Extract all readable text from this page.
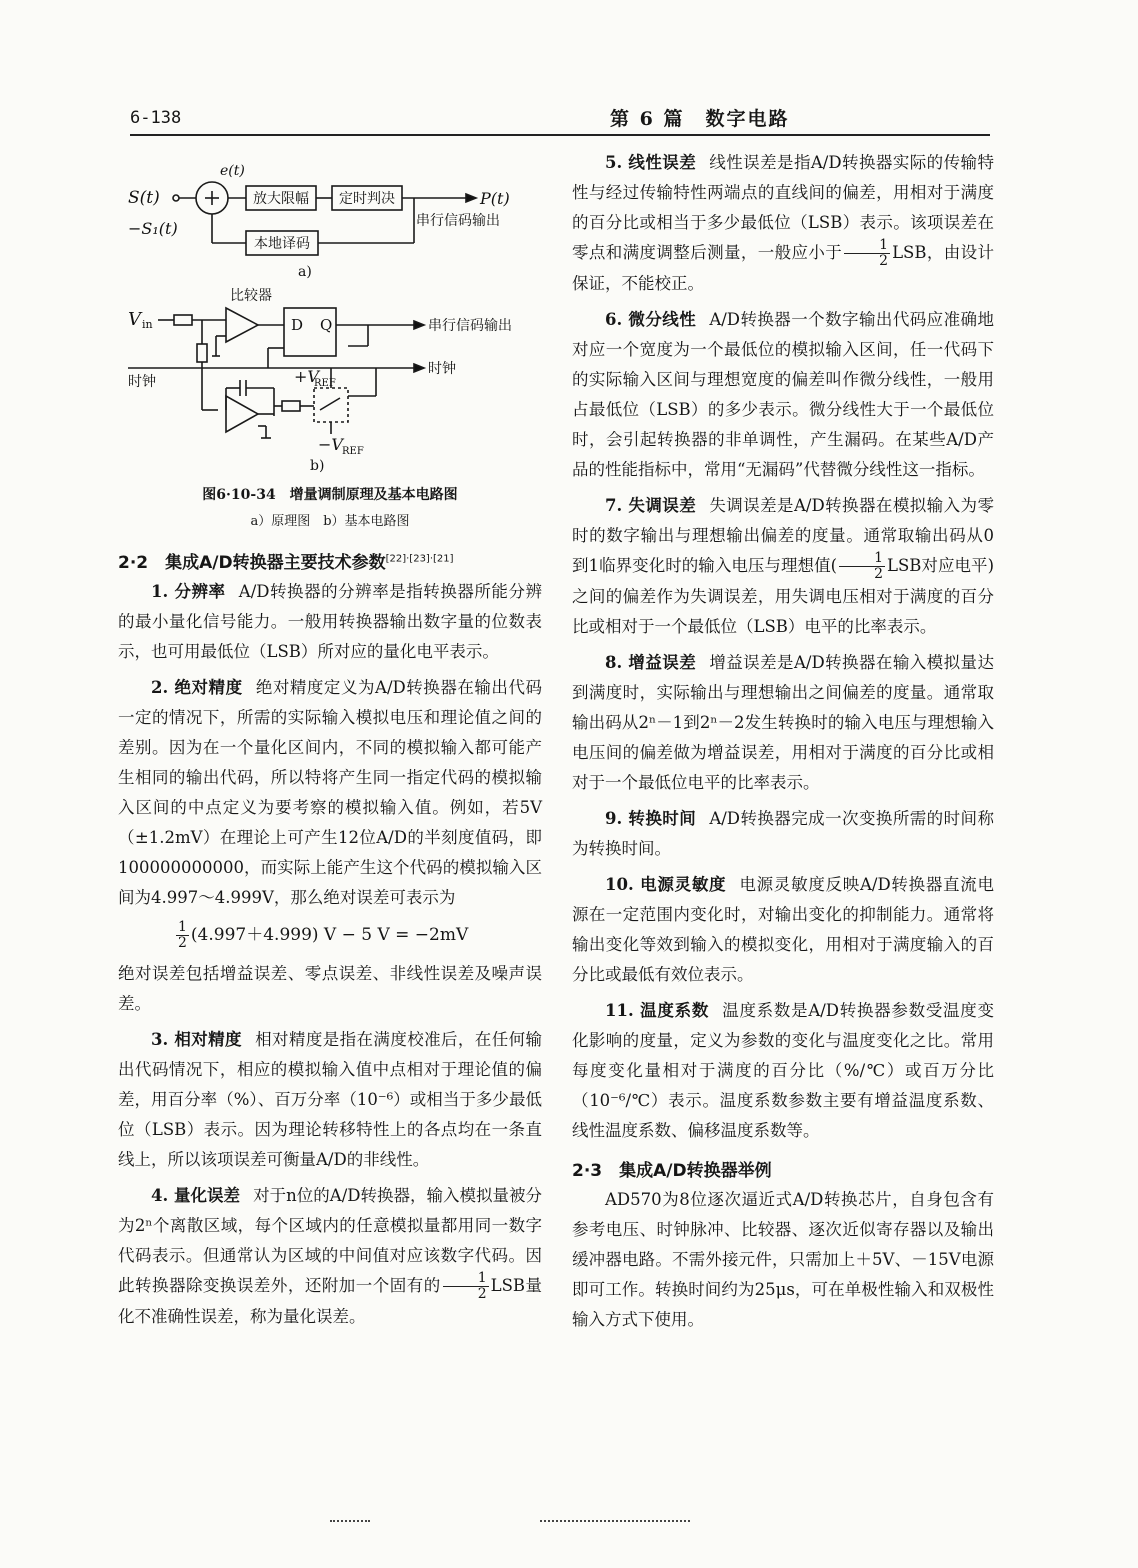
6-138	第 6 篇　数字电路
S(t)
e(t)
放大限幅 定时判决	P(t)
串行信码输出
本地译码
−S₁(t)
a)
V in
比较器
D Q	串行信码输出
时钟
时钟	+V
REF
−V REF
b)
图6·10-34　增量调制原理及基本电路图
a）原理图　b）基本电路图
2·2　集成A/D转换器主要技术参数[22]·[23]·[21]

1. 分辨率 A/D转换器的分辨率是指转换器所能分辨的最小量化信号能力。一般用转换器输出数字量的位数表示，也可用最低位（LSB）所对应的量化电平表示。

2. 绝对精度 绝对精度定义为A/D转换器在输出代码一定的情况下，所需的实际输入模拟电压和理论值之间的差别。因为在一个量化区间内，不同的模拟输入都可能产生相同的输出代码，所以特将产生同一指定代码的模拟输入区间的中点定义为要考察的模拟输入值。例如，若5V（±1.2mV）在理论上可产生12位A/D的半刻度值码，即100000000000，而实际上能产生这个代码的模拟输入区间为4.997～4.999V，那么绝对误差可表示为

$\frac{1}{2} (4.997+4.999) V - 5$ V = −2mV

绝对误差包括增益误差、零点误差、非线性误差及噪声误差。

3. 相对精度 相对精度是指在满度校准后，在任何输出代码情况下，相应的模拟输入值中点相对于理论值的偏差，用百分率（%）、百万分率（10⁻⁶）或相当于多少最低位（LSB）表示。因为理论转移特性上的各点均在一条直线上，所以该项误差可衡量A/D的非线性。

4. 量化误差 对于n位的A/D转换器，输入模拟量被分为2ⁿ个离散区域，每个区域内的任意模拟量都用同一数字代码表示。但通常认为区域的中间值对应该数字代码。因此转换器除变换误差外，还附加一个固有的 $\frac{1}{2}$ LSB量化不准确性误差，称为量化误差。

5. 线性误差 线性误差是指A/D转换器实际的传输特性与经过传输特性两端点的直线间的偏差，用相对于满度的百分比或相当于多少最低位（LSB）表示。该项误差在零点和满度调整后测量，一般应小于 $\frac{1}{2}$ LSB，由设计保证，不能校正。

6. 微分线性 A/D转换器一个数字输出代码应准确地对应一个宽度为一个最低位的模拟输入区间，任一代码下的实际输入区间与理想宽度的偏差叫作微分线性，一般用占最低位（LSB）的多少表示。微分线性大于一个最低位时，会引起转换器的非单调性，产生漏码。在某些A/D产品的性能指标中，常用“无漏码”代替微分线性这一指标。

7. 失调误差 失调误差是A/D转换器在模拟输入为零时的数字输出与理想输出偏差的度量。通常取输出码从0到1临界变化时的输入电压与理想值( $\frac{1}{2}$ LSB对应电平) 之间的偏差作为失调误差，用失调电压相对于满度的百分比或相对于一个最低位（LSB）电平的比率表示。

8. 增益误差 增益误差是A/D转换器在输入模拟量达到满度时，实际输出与理想输出之间偏差的度量。通常取输出码从2ⁿ－1到2ⁿ－2发生转换时的输入电压与理想输入电压间的偏差做为增益误差，用相对于满度的百分比或相对于一个最低位电平的比率表示。

9. 转换时间 A/D转换器完成一次变换所需的时间称为转换时间。

10. 电源灵敏度 电源灵敏度反映A/D转换器直流电源在一定范围内变化时，对输出变化的抑制能力。通常将输出变化等效到输入的模拟变化，用相对于满度输入的百分比或最低有效位表示。

11. 温度系数 温度系数是A/D转换器参数受温度变化影响的度量，定义为参数的变化与温度变化之比。常用每度变化量相对于满度的百分比（%/℃）或百万分比（10⁻⁶/℃）表示。温度系数参数主要有增益温度系数、线性温度系数、偏移温度系数等。

2·3　集成A/D转换器举例

AD570为8位逐次逼近式A/D转换芯片，自身包含有参考电压、时钟脉冲、比较器、逐次近似寄存器以及输出缓冲器电路。不需外接元件，只需加上＋5V、－15V电源即可工作。转换时间约为25μs，可在单极性输入和双极性输入方式下使用。
